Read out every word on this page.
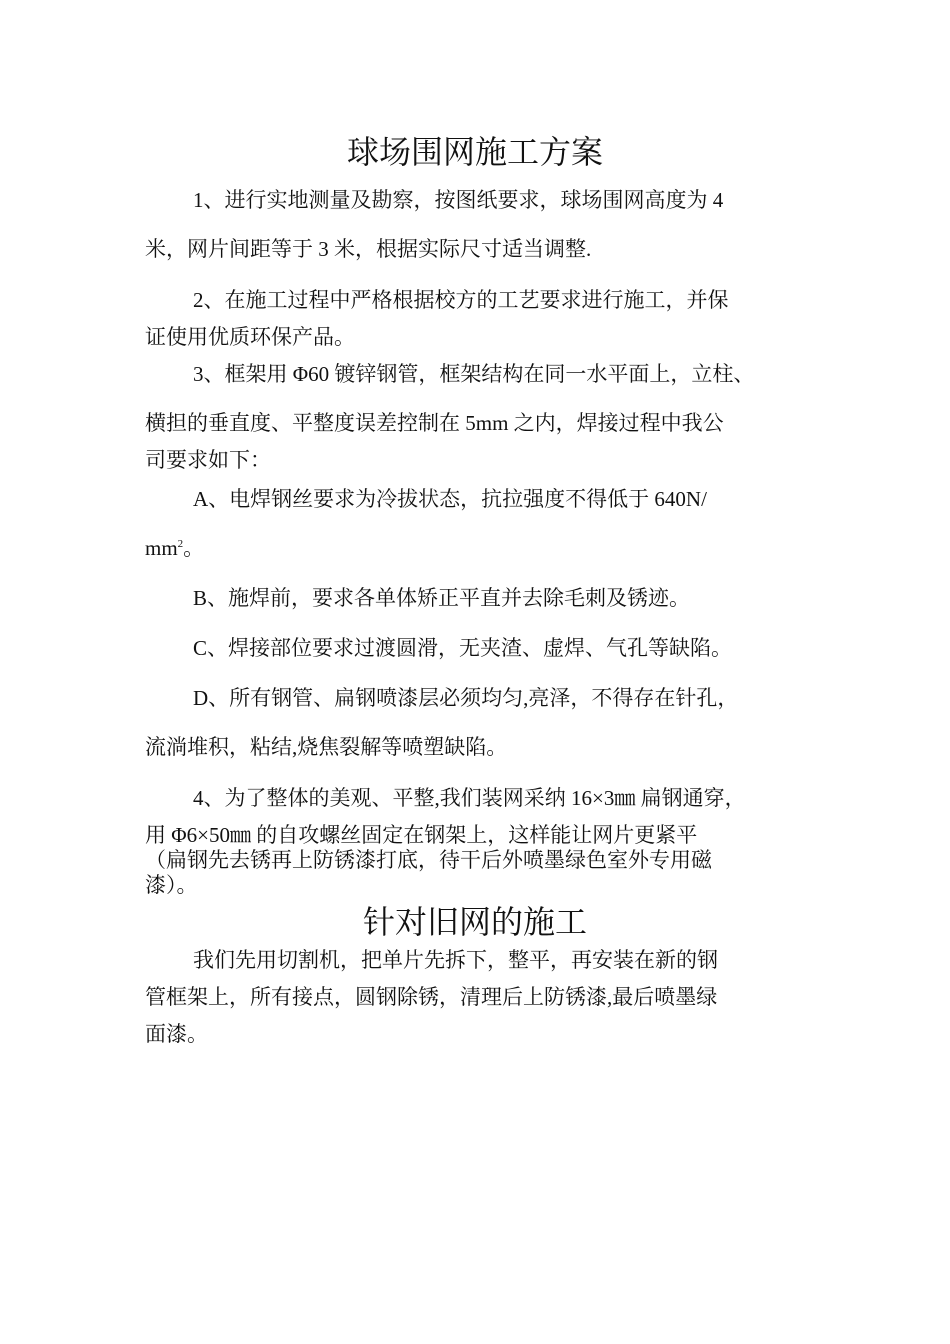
球场围网施工方案
1、进行实地测量及勘察，按图纸要求，球场围网高度为 4
米，网片间距等于 3 米，根据实际尺寸适当调整.
2、在施工过程中严格根据校方的工艺要求进行施工，并保
证使用优质环保产品。
3、框架用 Φ60 镀锌钢管，框架结构在同一水平面上，立柱、
横担的垂直度、平整度误差控制在 5mm 之内，焊接过程中我公
司要求如下：
A、电焊钢丝要求为冷拔状态，抗拉强度不得低于 640N/
$mm^2$。
B、施焊前，要求各单体矫正平直并去除毛刺及锈迹。
C、焊接部位要求过渡圆滑，无夹渣、虚焊、气孔等缺陷。
D、所有钢管、扁钢喷漆层必须均匀,亮泽，不得存在针孔，
流淌堆积，粘结,烧焦裂解等喷塑缺陷。
4、为了整体的美观、平整,我们装网采纳 16×3㎜ 扁钢通穿，
用 Φ6×50㎜ 的自攻螺丝固定在钢架上，这样能让网片更紧平
（扁钢先去锈再上防锈漆打底，待干后外喷墨绿色室外专用磁
漆）。
针对旧网的施工
我们先用切割机，把单片先拆下，整平，再安装在新的钢
管框架上，所有接点，圆钢除锈，清理后上防锈漆,最后喷墨绿
面漆。
